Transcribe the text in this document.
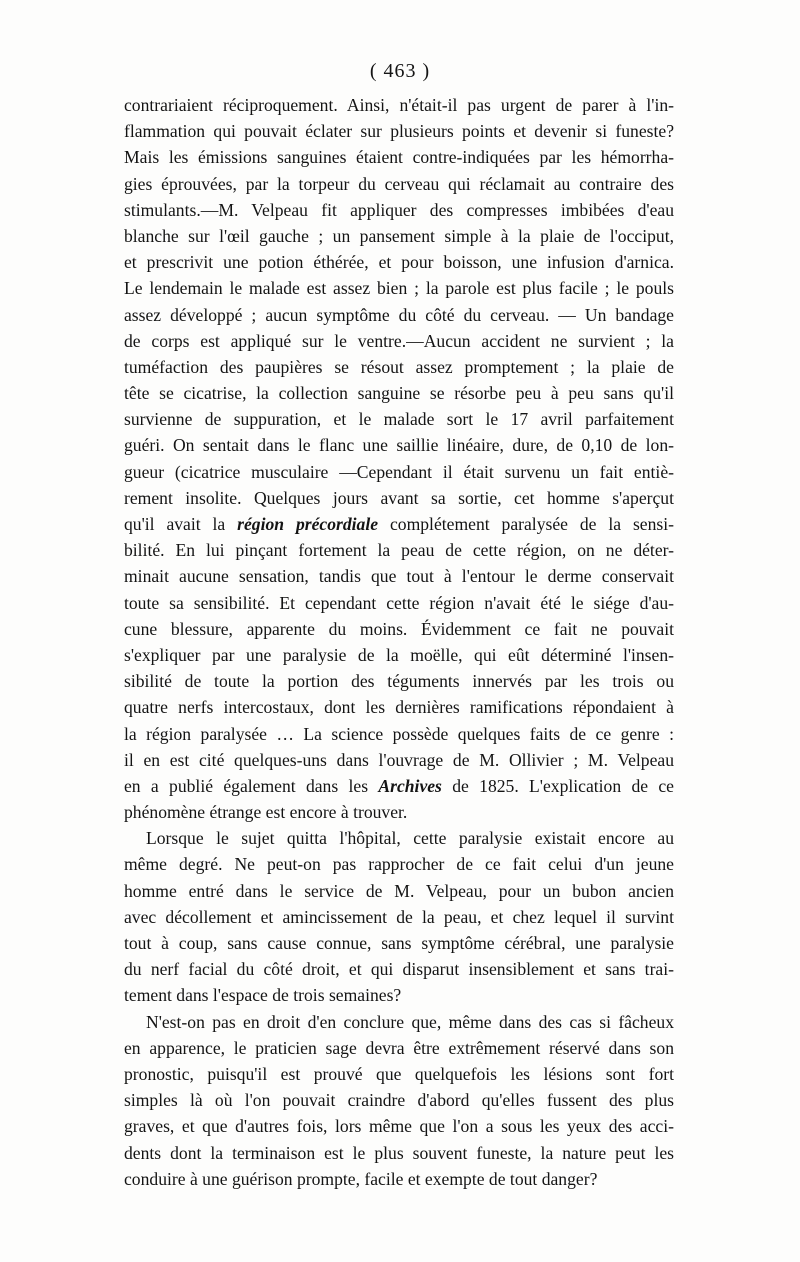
( 463 )
contrariaient réciproquement. Ainsi, n'était-il pas urgent de parer à l'in-
flammation qui pouvait éclater sur plusieurs points et devenir si funeste?
Mais les émissions sanguines étaient contre-indiquées par les hémorrha-
gies éprouvées, par la torpeur du cerveau qui réclamait au contraire des
stimulants.—M. Velpeau fit appliquer des compresses imbibées d'eau
blanche sur l'œil gauche ; un pansement simple à la plaie de l'occiput,
et prescrivit une potion éthérée, et pour boisson, une infusion d'arnica.
Le lendemain le malade est assez bien ; la parole est plus facile ; le pouls
assez développé ; aucun symptôme du côté du cerveau. — Un bandage
de corps est appliqué sur le ventre.—Aucun accident ne survient ; la
tuméfaction des paupières se résout assez promptement ; la plaie de
tête se cicatrise, la collection sanguine se résorbe peu à peu sans qu'il
survienne de suppuration, et le malade sort le 17 avril parfaitement
guéri. On sentait dans le flanc une saillie linéaire, dure, de 0,10 de lon-
gueur (cicatrice musculaire —Cependant il était survenu un fait entiè-
rement insolite. Quelques jours avant sa sortie, cet homme s'aperçut
qu'il avait la région précordiale complétement paralysée de la sensi-
bilité. En lui pinçant fortement la peau de cette région, on ne déter-
minait aucune sensation, tandis que tout à l'entour le derme conservait
toute sa sensibilité. Et cependant cette région n'avait été le siége d'au-
cune blessure, apparente du moins. Évidemment ce fait ne pouvait
s'expliquer par une paralysie de la moëlle, qui eût déterminé l'insen-
sibilité de toute la portion des téguments innervés par les trois ou
quatre nerfs intercostaux, dont les dernières ramifications répondaient à
la région paralysée … La science possède quelques faits de ce genre :
il en est cité quelques-uns dans l'ouvrage de M. Ollivier ; M. Velpeau
en a publié également dans les Archives de 1825. L'explication de ce
phénomène étrange est encore à trouver.
Lorsque le sujet quitta l'hôpital, cette paralysie existait encore au
même degré. Ne peut-on pas rapprocher de ce fait celui d'un jeune
homme entré dans le service de M. Velpeau, pour un bubon ancien
avec décollement et amincissement de la peau, et chez lequel il survint
tout à coup, sans cause connue, sans symptôme cérébral, une paralysie
du nerf facial du côté droit, et qui disparut insensiblement et sans trai-
tement dans l'espace de trois semaines?
N'est-on pas en droit d'en conclure que, même dans des cas si fâcheux
en apparence, le praticien sage devra être extrêmement réservé dans son
pronostic, puisqu'il est prouvé que quelquefois les lésions sont fort
simples là où l'on pouvait craindre d'abord qu'elles fussent des plus
graves, et que d'autres fois, lors même que l'on a sous les yeux des acci-
dents dont la terminaison est le plus souvent funeste, la nature peut les
conduire à une guérison prompte, facile et exempte de tout danger?
